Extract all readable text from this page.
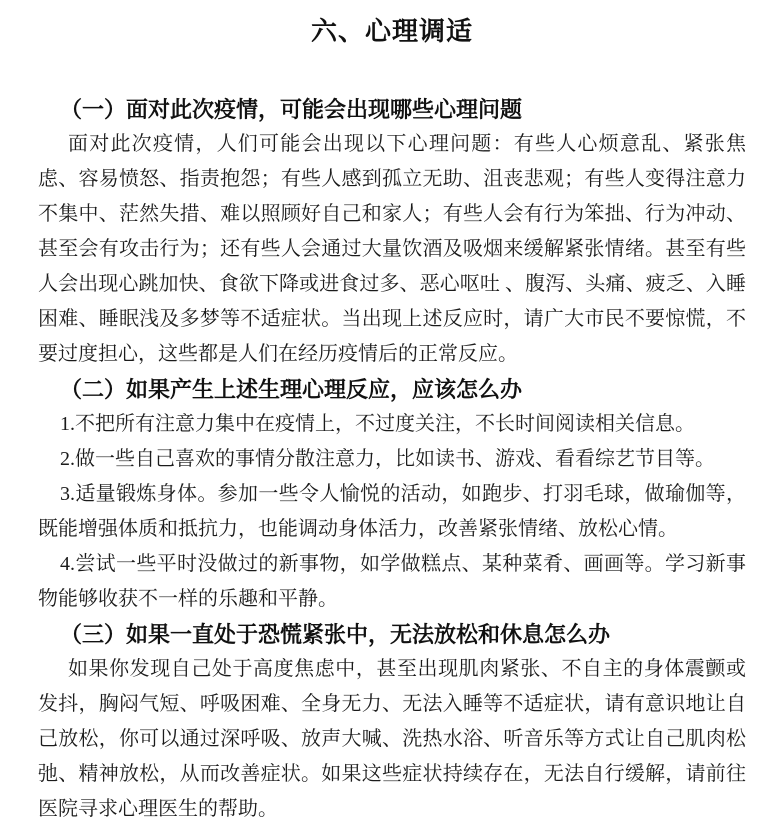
六、心理调适
（一）面对此次疫情，可能会出现哪些心理问题

面对此次疫情，人们可能会出现以下心理问题：有些人心烦意乱、紧张焦虑、容易愤怒、指责抱怨；有些人感到孤立无助、沮丧悲观；有些人变得注意力不集中、茫然失措、难以照顾好自己和家人；有些人会有行为笨拙、行为冲动、甚至会有攻击行为；还有些人会通过大量饮酒及吸烟来缓解紧张情绪。甚至有些人会出现心跳加快、食欲下降或进食过多、恶心呕吐 、腹泻、头痛、疲乏、入睡困难、睡眠浅及多梦等不适症状。当出现上述反应时，请广大市民不要惊慌，不要过度担心，这些都是人们在经历疫情后的正常反应。

（二）如果产生上述生理心理反应，应该怎么办

1.不把所有注意力集中在疫情上，不过度关注，不长时间阅读相关信息。

2.做一些自己喜欢的事情分散注意力，比如读书、游戏、看看综艺节目等。

3.适量锻炼身体。参加一些令人愉悦的活动，如跑步、打羽毛球，做瑜伽等，既能增强体质和抵抗力，也能调动身体活力，改善紧张情绪、放松心情。

4.尝试一些平时没做过的新事物，如学做糕点、某种菜肴、画画等。学习新事物能够收获不一样的乐趣和平静。

（三）如果一直处于恐慌紧张中，无法放松和休息怎么办

如果你发现自己处于高度焦虑中，甚至出现肌肉紧张、不自主的身体震颤或发抖，胸闷气短、呼吸困难、全身无力、无法入睡等不适症状，请有意识地让自己放松，你可以通过深呼吸、放声大喊、洗热水浴、听音乐等方式让自己肌肉松弛、精神放松，从而改善症状。如果这些症状持续存在，无法自行缓解，请前往医院寻求心理医生的帮助。
